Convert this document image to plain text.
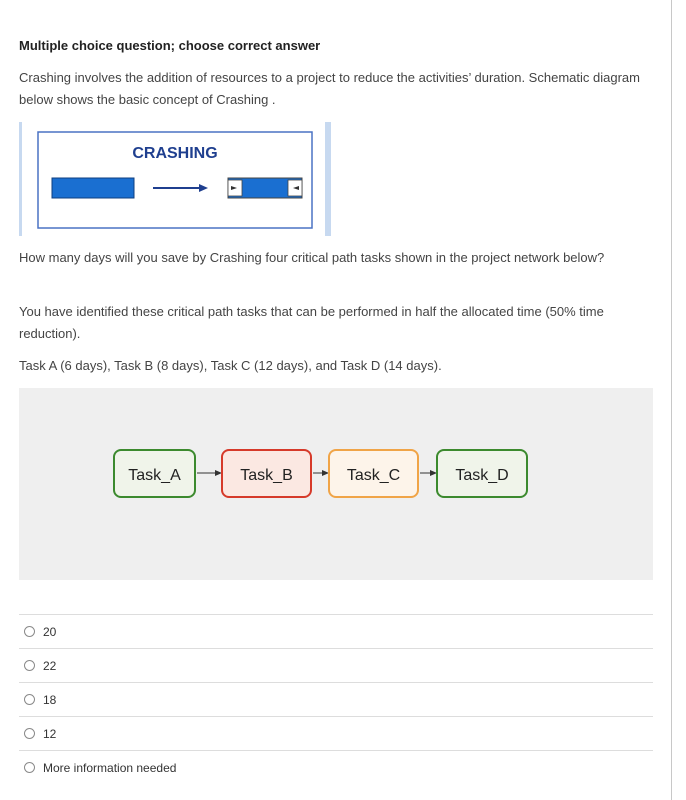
Multiple choice question; choose correct answer

Crashing involves the addition of resources to a project to reduce the activities’ duration. Schematic diagram below shows the basic concept of Crashing .

CRASHING

How many days will you save by Crashing four critical path tasks shown in the project network below?

You have identified these critical path tasks that can be performed in half the allocated time (50% time reduction).

Task A (6 days), Task B (8 days), Task C (12 days), and Task D (14 days).

Task_A	Task_B	Task_C	Task_D
20
22
18
12
More information needed
